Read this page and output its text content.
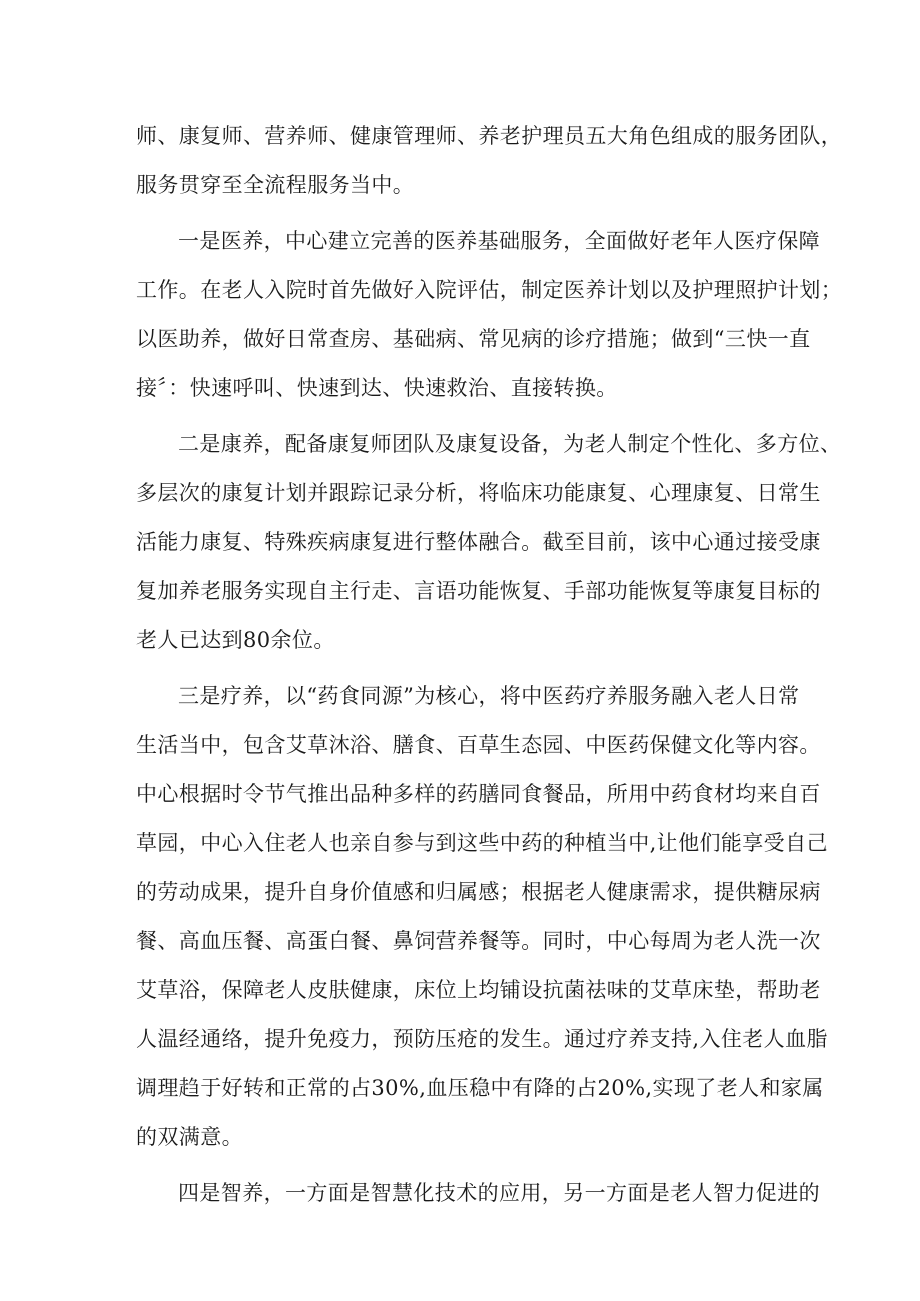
师、康复师、营养师、健康管理师、养老护理员五大角色组成的服务团队，
服务贯穿至全流程服务当中。
一是医养，中心建立完善的医养基础服务，全面做好老年人医疗保障
工作。在老人入院时首先做好入院评估，制定医养计划以及护理照护计划；
以医助养，做好日常查房、基础病、常见病的诊疗措施；做到“三快一直
接〞：快速呼叫、快速到达、快速救治、直接转换。
二是康养，配备康复师团队及康复设备，为老人制定个性化、多方位、
多层次的康复计划并跟踪记录分析，将临床功能康复、心理康复、日常生
活能力康复、特殊疾病康复进行整体融合。截至目前，该中心通过接受康
复加养老服务实现自主行走、言语功能恢复、手部功能恢复等康复目标的
老人已达到80余位。
三是疗养，以“药食同源”为核心，将中医药疗养服务融入老人日常
生活当中，包含艾草沐浴、膳食、百草生态园、中医药保健文化等内容。
中心根据时令节气推出品种多样的药膳同食餐品，所用中药食材均来自百
草园，中心入住老人也亲自参与到这些中药的种植当中,让他们能享受自己
的劳动成果，提升自身价值感和归属感；根据老人健康需求，提供糖尿病
餐、高血压餐、高蛋白餐、鼻饲营养餐等。同时，中心每周为老人洗一次
艾草浴，保障老人皮肤健康，床位上均铺设抗菌祛味的艾草床垫，帮助老
人温经通络，提升免疫力，预防压疮的发生。通过疗养支持,入住老人血脂
调理趋于好转和正常的占30%,血压稳中有降的占20%,实现了老人和家属
的双满意。
四是智养，一方面是智慧化技术的应用，另一方面是老人智力促进的
